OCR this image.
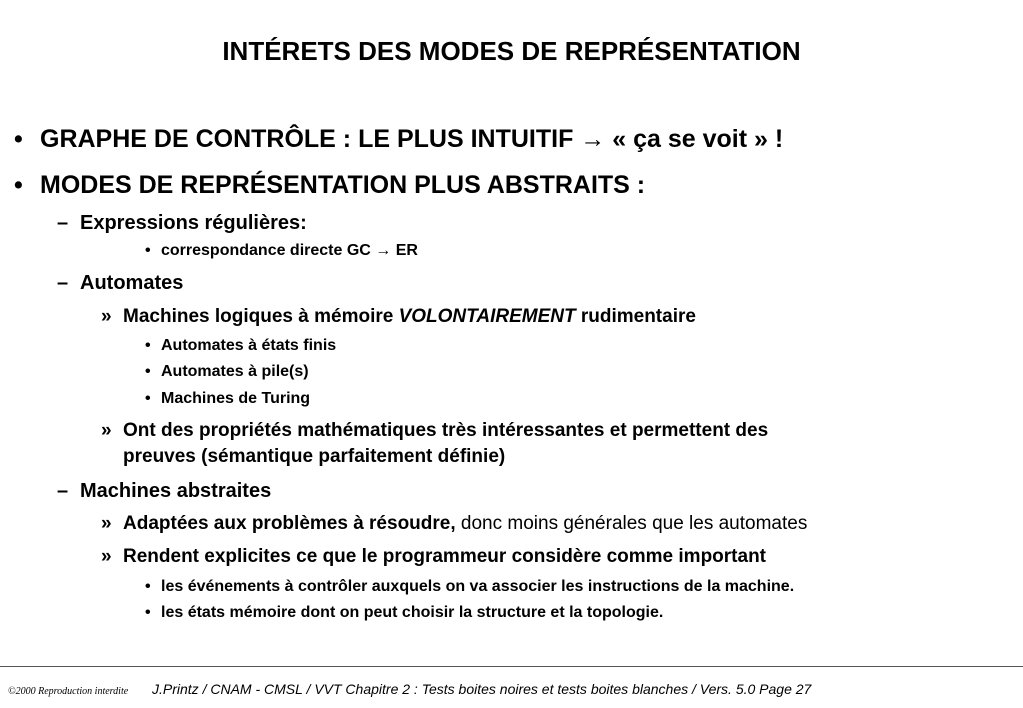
INTÉRETS DES MODES DE REPRÉSENTATION
• GRAPHE DE CONTRÔLE : LE PLUS INTUITIF → « ça se voit » !
• MODES DE REPRÉSENTATION PLUS ABSTRAITS :
– Expressions régulières:
• correspondance directe GC → ER
– Automates
» Machines logiques à mémoire VOLONTAIREMENT rudimentaire
• Automates à états finis
• Automates à pile(s)
• Machines de Turing
» Ont des propriétés mathématiques très intéressantes et permettent des
preuves (sémantique parfaitement définie)
– Machines abstraites
» Adaptées aux problèmes à résoudre, donc moins générales que les automates
» Rendent explicites ce que le programmeur considère comme important
• les événements à contrôler auxquels on va associer les instructions de la machine.
• les états mémoire dont on peut choisir la structure et la topologie.
©2000 Reproduction interdite J.Printz / CNAM - CMSL / VVT Chapitre 2 : Tests boites noires et tests boites blanches / Vers. 5.0 Page 27
